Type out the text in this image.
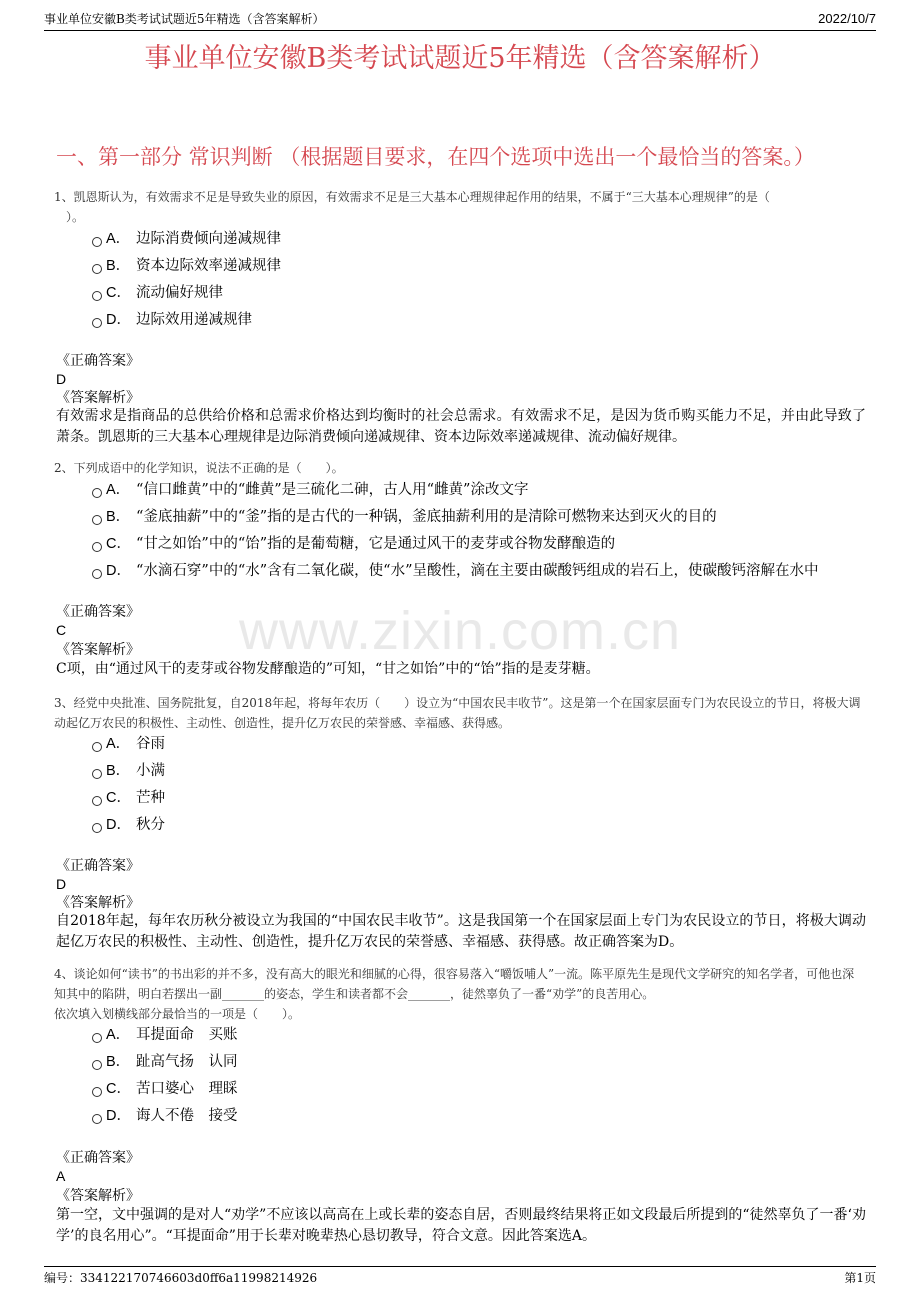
事业单位安徽B类考试试题近5年精选（含答案解析）	2022/10/7
事业单位安徽B类考试试题近5年精选（含答案解析）
一、第一部分 常识判断 （根据题目要求，在四个选项中选出一个最恰当的答案。）
www.zixin.com.cn
1、凯恩斯认为，有效需求不足是导致失业的原因，有效需求不足是三大基本心理规律起作用的结果，不属于“三大基本心理规律”的是（
）。
A． 边际消费倾向递减规律
B． 资本边际效率递减规律
C． 流动偏好规律
D． 边际效用递减规律
《正确答案》
D
《答案解析》
有效需求是指商品的总供给价格和总需求价格达到均衡时的社会总需求。有效需求不足，是因为货币购买能力不足，并由此导致了萧条。凯恩斯的三大基本心理规律是边际消费倾向递减规律、资本边际效率递减规律、流动偏好规律。
2、下列成语中的化学知识，说法不正确的是（　　）。
A． “信口雌黄”中的“雌黄”是三硫化二砷，古人用“雌黄”涂改文字
B． “釜底抽薪”中的“釜”指的是古代的一种锅，釜底抽薪利用的是清除可燃物来达到灭火的目的
C． “甘之如饴”中的“饴”指的是葡萄糖，它是通过风干的麦芽或谷物发酵酿造的
D． “水滴石穿”中的“水”含有二氧化碳，使“水”呈酸性，滴在主要由碳酸钙组成的岩石上，使碳酸钙溶解在水中
《正确答案》
C
《答案解析》
C项，由“通过风干的麦芽或谷物发酵酿造的”可知，“甘之如饴”中的“饴”指的是麦芽糖。
3、经党中央批准、国务院批复，自2018年起，将每年农历（　　）设立为“中国农民丰收节”。这是第一个在国家层面专门为农民设立的节日，将极大调动起亿万农民的积极性、主动性、创造性，提升亿万农民的荣誉感、幸福感、获得感。
A． 谷雨
B． 小满
C． 芒种
D． 秋分
《正确答案》
D
《答案解析》
自2018年起，每年农历秋分被设立为我国的“中国农民丰收节”。这是我国第一个在国家层面上专门为农民设立的节日，将极大调动起亿万农民的积极性、主动性、创造性，提升亿万农民的荣誉感、幸福感、获得感。故正确答案为D。
4、谈论如何“读书”的书出彩的并不多，没有高大的眼光和细腻的心得，很容易落入“嚼饭哺人”一流。陈平原先生是现代文学研究的知名学者，可他也深知其中的陷阱，明白若摆出一副_______的姿态，学生和读者都不会_______，徒然辜负了一番“劝学”的良苦用心。
依次填入划横线部分最恰当的一项是（　　）。
A． 耳提面命　买账
B． 趾高气扬　认同
C． 苦口婆心　理睬
D． 诲人不倦　接受
《正确答案》
A
《答案解析》
第一空，文中强调的是对人“劝学”不应该以高高在上或长辈的姿态自居，否则最终结果将正如文段最后所提到的“徒然辜负了一番‘劝学’的良名用心”。“耳提面命”用于长辈对晚辈热心恳切教导，符合文意。因此答案选A。
编号：334122170746603d0ff6a11998214926	第1页
